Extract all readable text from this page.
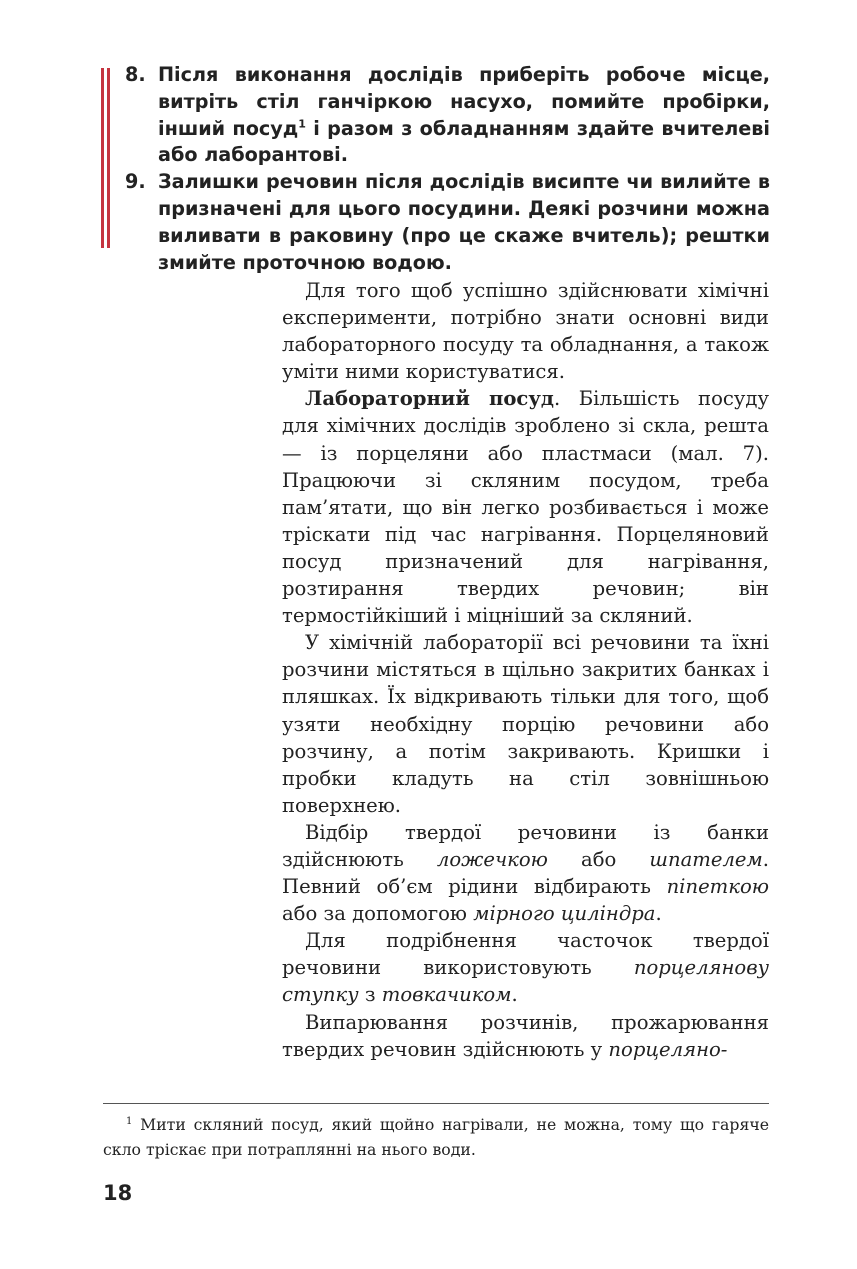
8. Після виконання дослідів приберіть робоче місце, витріть стіл ганчіркою насухо, помийте пробірки, інший посуд$^1$ і разом з обладнанням здайте вчителеві або лаборантові.
9. Залишки речовин після дослідів висипте чи вилийте в призначені для цього посудини. Деякі розчини можна виливати в раковину (про це скаже вчитель); рештки змийте проточною водою.

Для того щоб успішно здійснювати хімічні експерименти, потрібно знати основні види лабораторного посуду та обладнання, а також уміти ними користуватися.

Лабораторний посуд. Більшість посуду для хімічних дослідів зроблено зі скла, решта — із порцеляни або пластмаси (мал. 7). Працюючи зі скляним посудом, треба пам’ятати, що він легко розбивається і може тріскати під час нагрівання. Порцеляновий посуд призначений для нагрівання, розтирання твердих речовин; він термостійкіший і міцніший за скляний.

У хімічній лабораторії всі речовини та їхні розчини містяться в щільно закритих банках і пляшках. Їх відкривають тільки для того, щоб узяти необхідну порцію речовини або розчину, а потім закривають. Кришки і пробки кладуть на стіл зовнішньою поверхнею.

Відбір твердої речовини із банки здійснюють ложечкою або шпателем. Певний об’єм рідини відбирають піпеткою або за допомогою мірного циліндра.

Для подрібнення часточок твердої речовини використовують порцелянову ступку з товкачиком.

Випарювання розчинів, прожарювання твердих речовин здійснюють у порцеляно-

$^1$ Мити скляний посуд, який щойно нагрівали, не можна, тому що гаряче скло тріскає при потраплянні на нього води.

18
